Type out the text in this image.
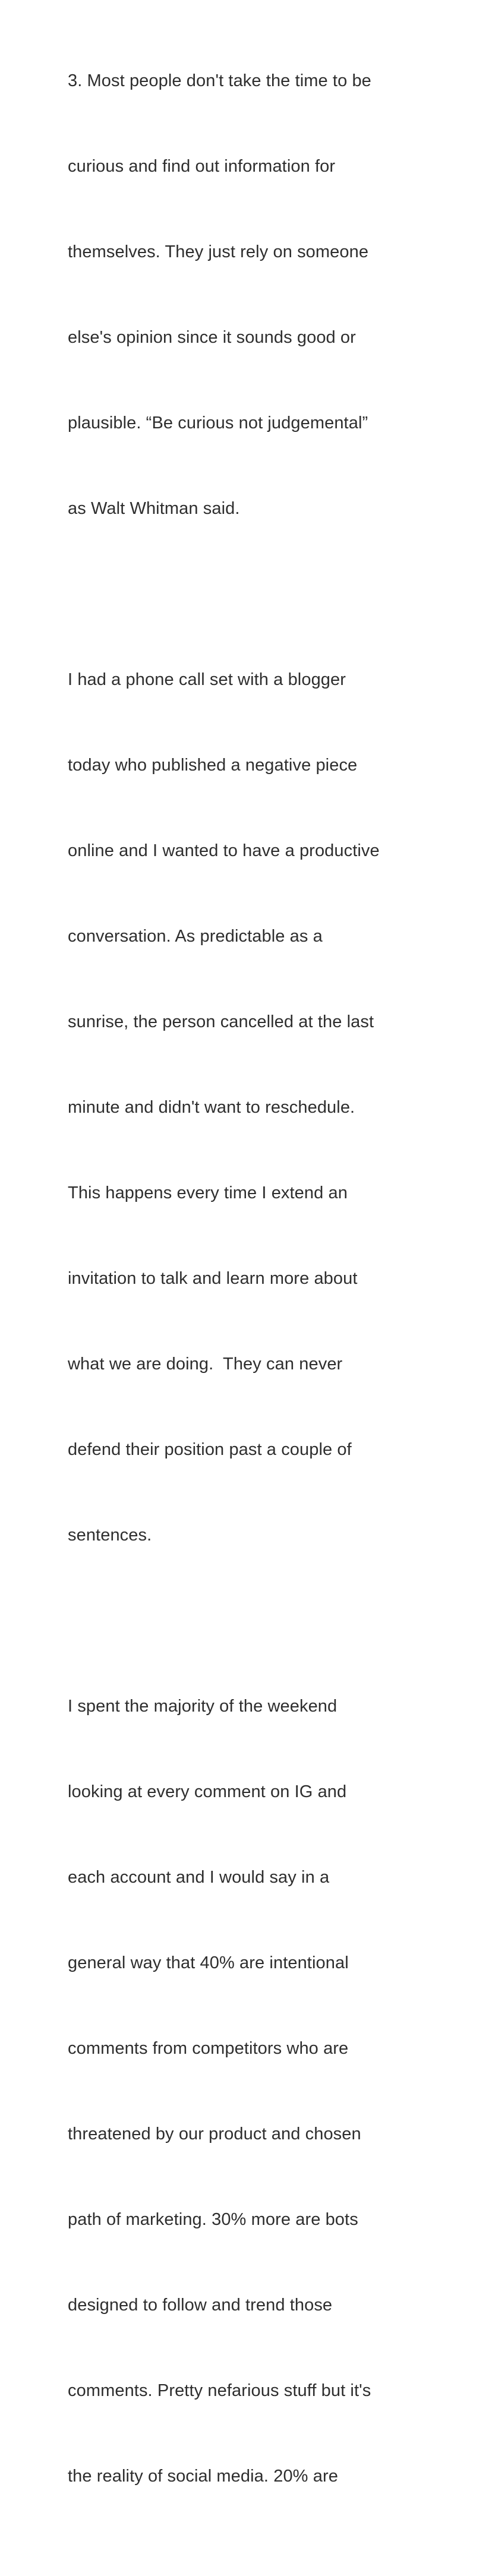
3. Most people don't take the time to be

curious and find out information for

themselves. They just rely on someone

else's opinion since it sounds good or

plausible. “Be curious not judgemental”

as Walt Whitman said.

I had a phone call set with a blogger

today who published a negative piece

online and I wanted to have a productive

conversation. As predictable as a

sunrise, the person cancelled at the last

minute and didn't want to reschedule.

This happens every time I extend an

invitation to talk and learn more about

what we are doing.  They can never

defend their position past a couple of

sentences.

I spent the majority of the weekend

looking at every comment on IG and

each account and I would say in a

general way that 40% are intentional

comments from competitors who are

threatened by our product and chosen

path of marketing. 30% more are bots

designed to follow and trend those

comments. Pretty nefarious stuff but it's

the reality of social media. 20% are
